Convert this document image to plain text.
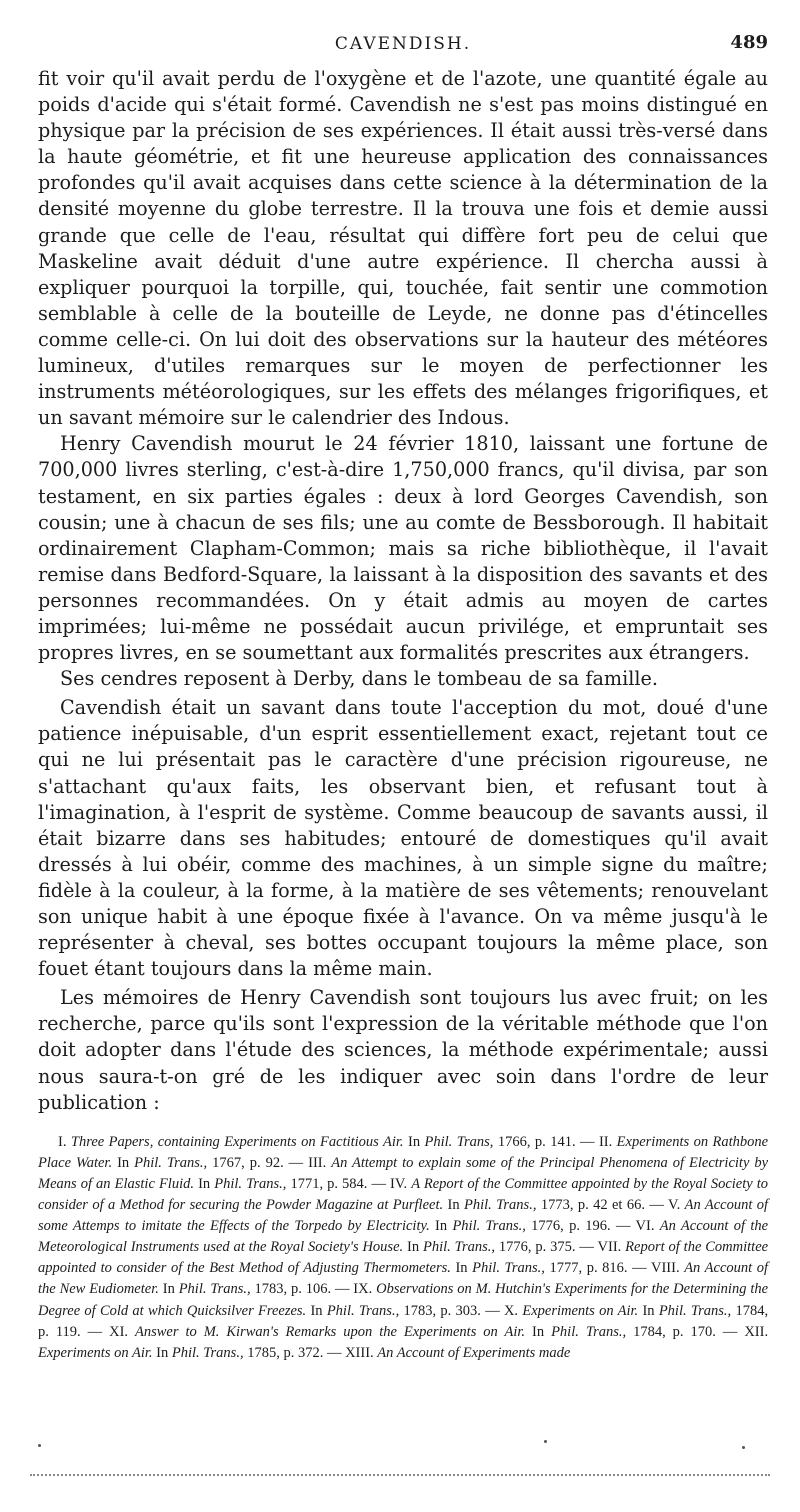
CAVENDISH.	489

fit voir qu'il avait perdu de l'oxygène et de l'azote, une quantité égale au poids d'acide qui s'était formé. Cavendish ne s'est pas moins distingué en physique par la précision de ses expériences. Il était aussi très-versé dans la haute géométrie, et fit une heureuse application des connaissances profondes qu'il avait acquises dans cette science à la détermination de la densité moyenne du globe terrestre. Il la trouva une fois et demie aussi grande que celle de l'eau, résultat qui diffère fort peu de celui que Maskeline avait déduit d'une autre expérience. Il chercha aussi à expliquer pourquoi la torpille, qui, touchée, fait sentir une commotion semblable à celle de la bouteille de Leyde, ne donne pas d'étincelles comme celle-ci. On lui doit des observations sur la hauteur des météores lumineux, d'utiles remarques sur le moyen de perfectionner les instruments météorologiques, sur les effets des mélanges frigorifiques, et un savant mémoire sur le calendrier des Indous.

Henry Cavendish mourut le 24 février 1810, laissant une fortune de 700,000 livres sterling, c'est-à-dire 1,750,000 francs, qu'il divisa, par son testament, en six parties égales : deux à lord Georges Cavendish, son cousin; une à chacun de ses fils; une au comte de Bessborough. Il habitait ordinairement Clapham-Common; mais sa riche bibliothèque, il l'avait remise dans Bedford-Square, la laissant à la disposition des savants et des personnes recommandées. On y était admis au moyen de cartes imprimées; lui-même ne possédait aucun privilége, et empruntait ses propres livres, en se soumettant aux formalités prescrites aux étrangers.

Ses cendres reposent à Derby, dans le tombeau de sa famille.

Cavendish était un savant dans toute l'acception du mot, doué d'une patience inépuisable, d'un esprit essentiellement exact, rejetant tout ce qui ne lui présentait pas le caractère d'une précision rigoureuse, ne s'attachant qu'aux faits, les observant bien, et refusant tout à l'imagination, à l'esprit de système. Comme beaucoup de savants aussi, il était bizarre dans ses habitudes; entouré de domestiques qu'il avait dressés à lui obéir, comme des machines, à un simple signe du maître; fidèle à la couleur, à la forme, à la matière de ses vêtements; renouvelant son unique habit à une époque fixée à l'avance. On va même jusqu'à le représenter à cheval, ses bottes occupant toujours la même place, son fouet étant toujours dans la même main.

Les mémoires de Henry Cavendish sont toujours lus avec fruit; on les recherche, parce qu'ils sont l'expression de la véritable méthode que l'on doit adopter dans l'étude des sciences, la méthode expérimentale; aussi nous saura-t-on gré de les indiquer avec soin dans l'ordre de leur publication :

I. Three Papers, containing Experiments on Factitious Air. In Phil. Trans, 1766, p. 141. — II. Experiments on Rathbone Place Water. In Phil. Trans., 1767, p. 92. — III. An Attempt to explain some of the Principal Phenomena of Electricity by Means of an Elastic Fluid. In Phil. Trans., 1771, p. 584. — IV. A Report of the Committee appointed by the Royal Society to consider of a Method for securing the Powder Magazine at Purfleet. In Phil. Trans., 1773, p. 42 et 66. — V. An Account of some Attemps to imitate the Effects of the Torpedo by Electricity. In Phil. Trans., 1776, p. 196. — VI. An Account of the Meteorological Instruments used at the Royal Society's House. In Phil. Trans., 1776, p. 375. — VII. Report of the Committee appointed to consider of the Best Method of Adjusting Thermometers. In Phil. Trans., 1777, p. 816. — VIII. An Account of the New Eudiometer. In Phil. Trans., 1783, p. 106. — IX. Observations on M. Hutchin's Experiments for the Determining the Degree of Cold at which Quicksilver Freezes. In Phil. Trans., 1783, p. 303. — X. Experiments on Air. In Phil. Trans., 1784, p. 119. — XI. Answer to M. Kirwan's Remarks upon the Experiments on Air. In Phil. Trans., 1784, p. 170. — XII. Experiments on Air. In Phil. Trans., 1785, p. 372. — XIII. An Account of Experiments made
